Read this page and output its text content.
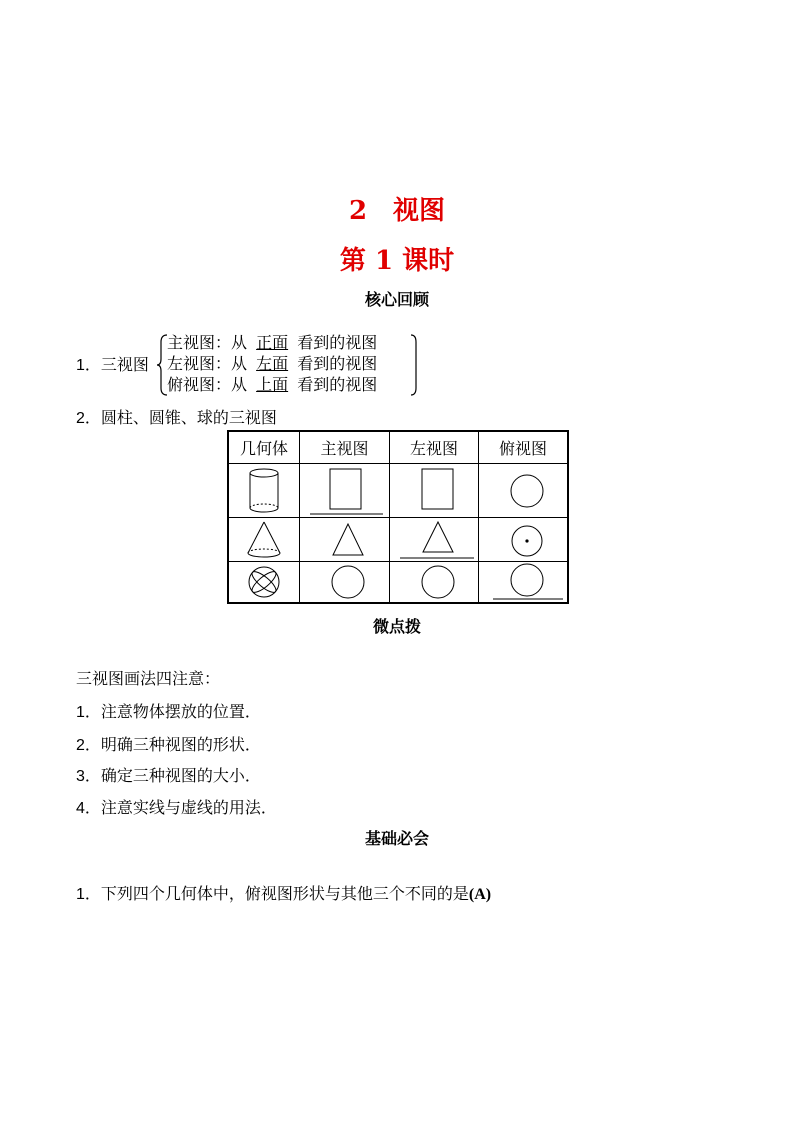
2　视图
第 1 课时
核心回顾
1．三视图
主视图：从 正面 看到的视图
左视图：从 左面 看到的视图
俯视图：从 上面 看到的视图
2．圆柱、圆锥、球的三视图
几何体	主视图	左视图	俯视图

微点拨
三视图画法四注意：
1．注意物体摆放的位置．
2．明确三种视图的形状．
3．确定三种视图的大小．
4．注意实线与虚线的用法．
基础必会
1．下列四个几何体中，俯视图形状与其他三个不同的是(A)
